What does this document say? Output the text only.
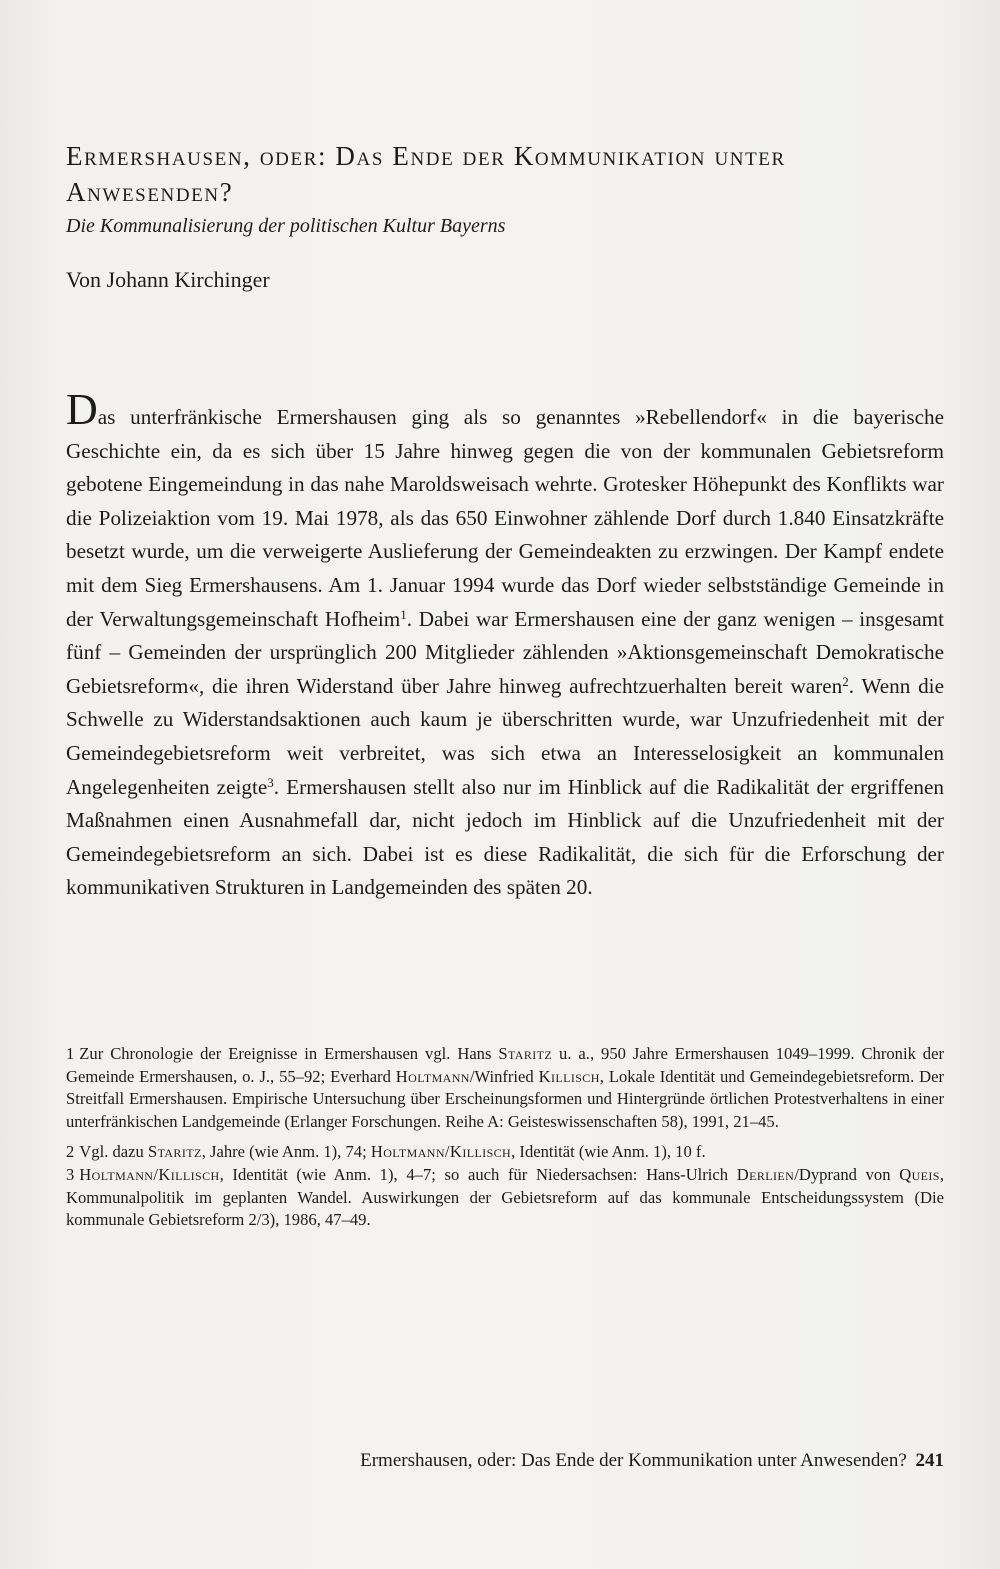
Ermershausen, oder: Das Ende der Kommunikation unter Anwesenden?
Die Kommunalisierung der politischen Kultur Bayerns
Von Johann Kirchinger
Das unterfränkische Ermershausen ging als so genanntes »Rebellendorf« in die bayerische Geschichte ein, da es sich über 15 Jahre hinweg gegen die von der kommunalen Gebietsreform gebotene Eingemeindung in das nahe Maroldsweisach wehrte. Grotesker Höhepunkt des Konflikts war die Polizeiaktion vom 19. Mai 1978, als das 650 Einwohner zählende Dorf durch 1.840 Einsatzkräfte besetzt wurde, um die verweigerte Auslieferung der Gemeindeakten zu erzwingen. Der Kampf endete mit dem Sieg Ermershausens. Am 1. Januar 1994 wurde das Dorf wieder selbstständige Gemeinde in der Verwaltungsgemeinschaft Hofheim$^1$. Dabei war Ermershausen eine der ganz wenigen – insgesamt fünf – Gemeinden der ursprünglich 200 Mitglieder zählenden »Aktionsgemeinschaft Demokratische Gebietsreform«, die ihren Widerstand über Jahre hinweg aufrechtzuerhalten bereit waren$^2$. Wenn die Schwelle zu Widerstandsaktionen auch kaum je überschritten wurde, war Unzufriedenheit mit der Gemeindegebietsreform weit verbreitet, was sich etwa an Interesselosigkeit an kommunalen Angelegenheiten zeigte$^3$. Ermershausen stellt also nur im Hinblick auf die Radikalität der ergriffenen Maßnahmen einen Ausnahmefall dar, nicht jedoch im Hinblick auf die Unzufriedenheit mit der Gemeindegebietsreform an sich. Dabei ist es diese Radikalität, die sich für die Erforschung der kommunikativen Strukturen in Landgemeinden des späten 20.

1 Zur Chronologie der Ereignisse in Ermershausen vgl. Hans Staritz u. a., 950 Jahre Ermershausen 1049–1999. Chronik der Gemeinde Ermershausen, o. J., 55–92; Everhard Holtmann/Winfried Killisch, Lokale Identität und Gemeindegebietsreform. Der Streitfall Ermershausen. Empirische Untersuchung über Erscheinungsformen und Hintergründe örtlichen Protestverhaltens in einer unterfränkischen Landgemeinde (Erlanger Forschungen. Reihe A: Geisteswissenschaften 58), 1991, 21–45.

2 Vgl. dazu Staritz, Jahre (wie Anm. 1), 74; Holtmann/Killisch, Identität (wie Anm. 1), 10 f.

3 Holtmann/Killisch, Identität (wie Anm. 1), 4–7; so auch für Niedersachsen: Hans-Ulrich Derlien/Dyprand von Queis, Kommunalpolitik im geplanten Wandel. Auswirkungen der Gebietsreform auf das kommunale Entscheidungssystem (Die kommunale Gebietsreform 2/3), 1986, 47–49.

Ermershausen, oder: Das Ende der Kommunikation unter Anwesenden? 241
